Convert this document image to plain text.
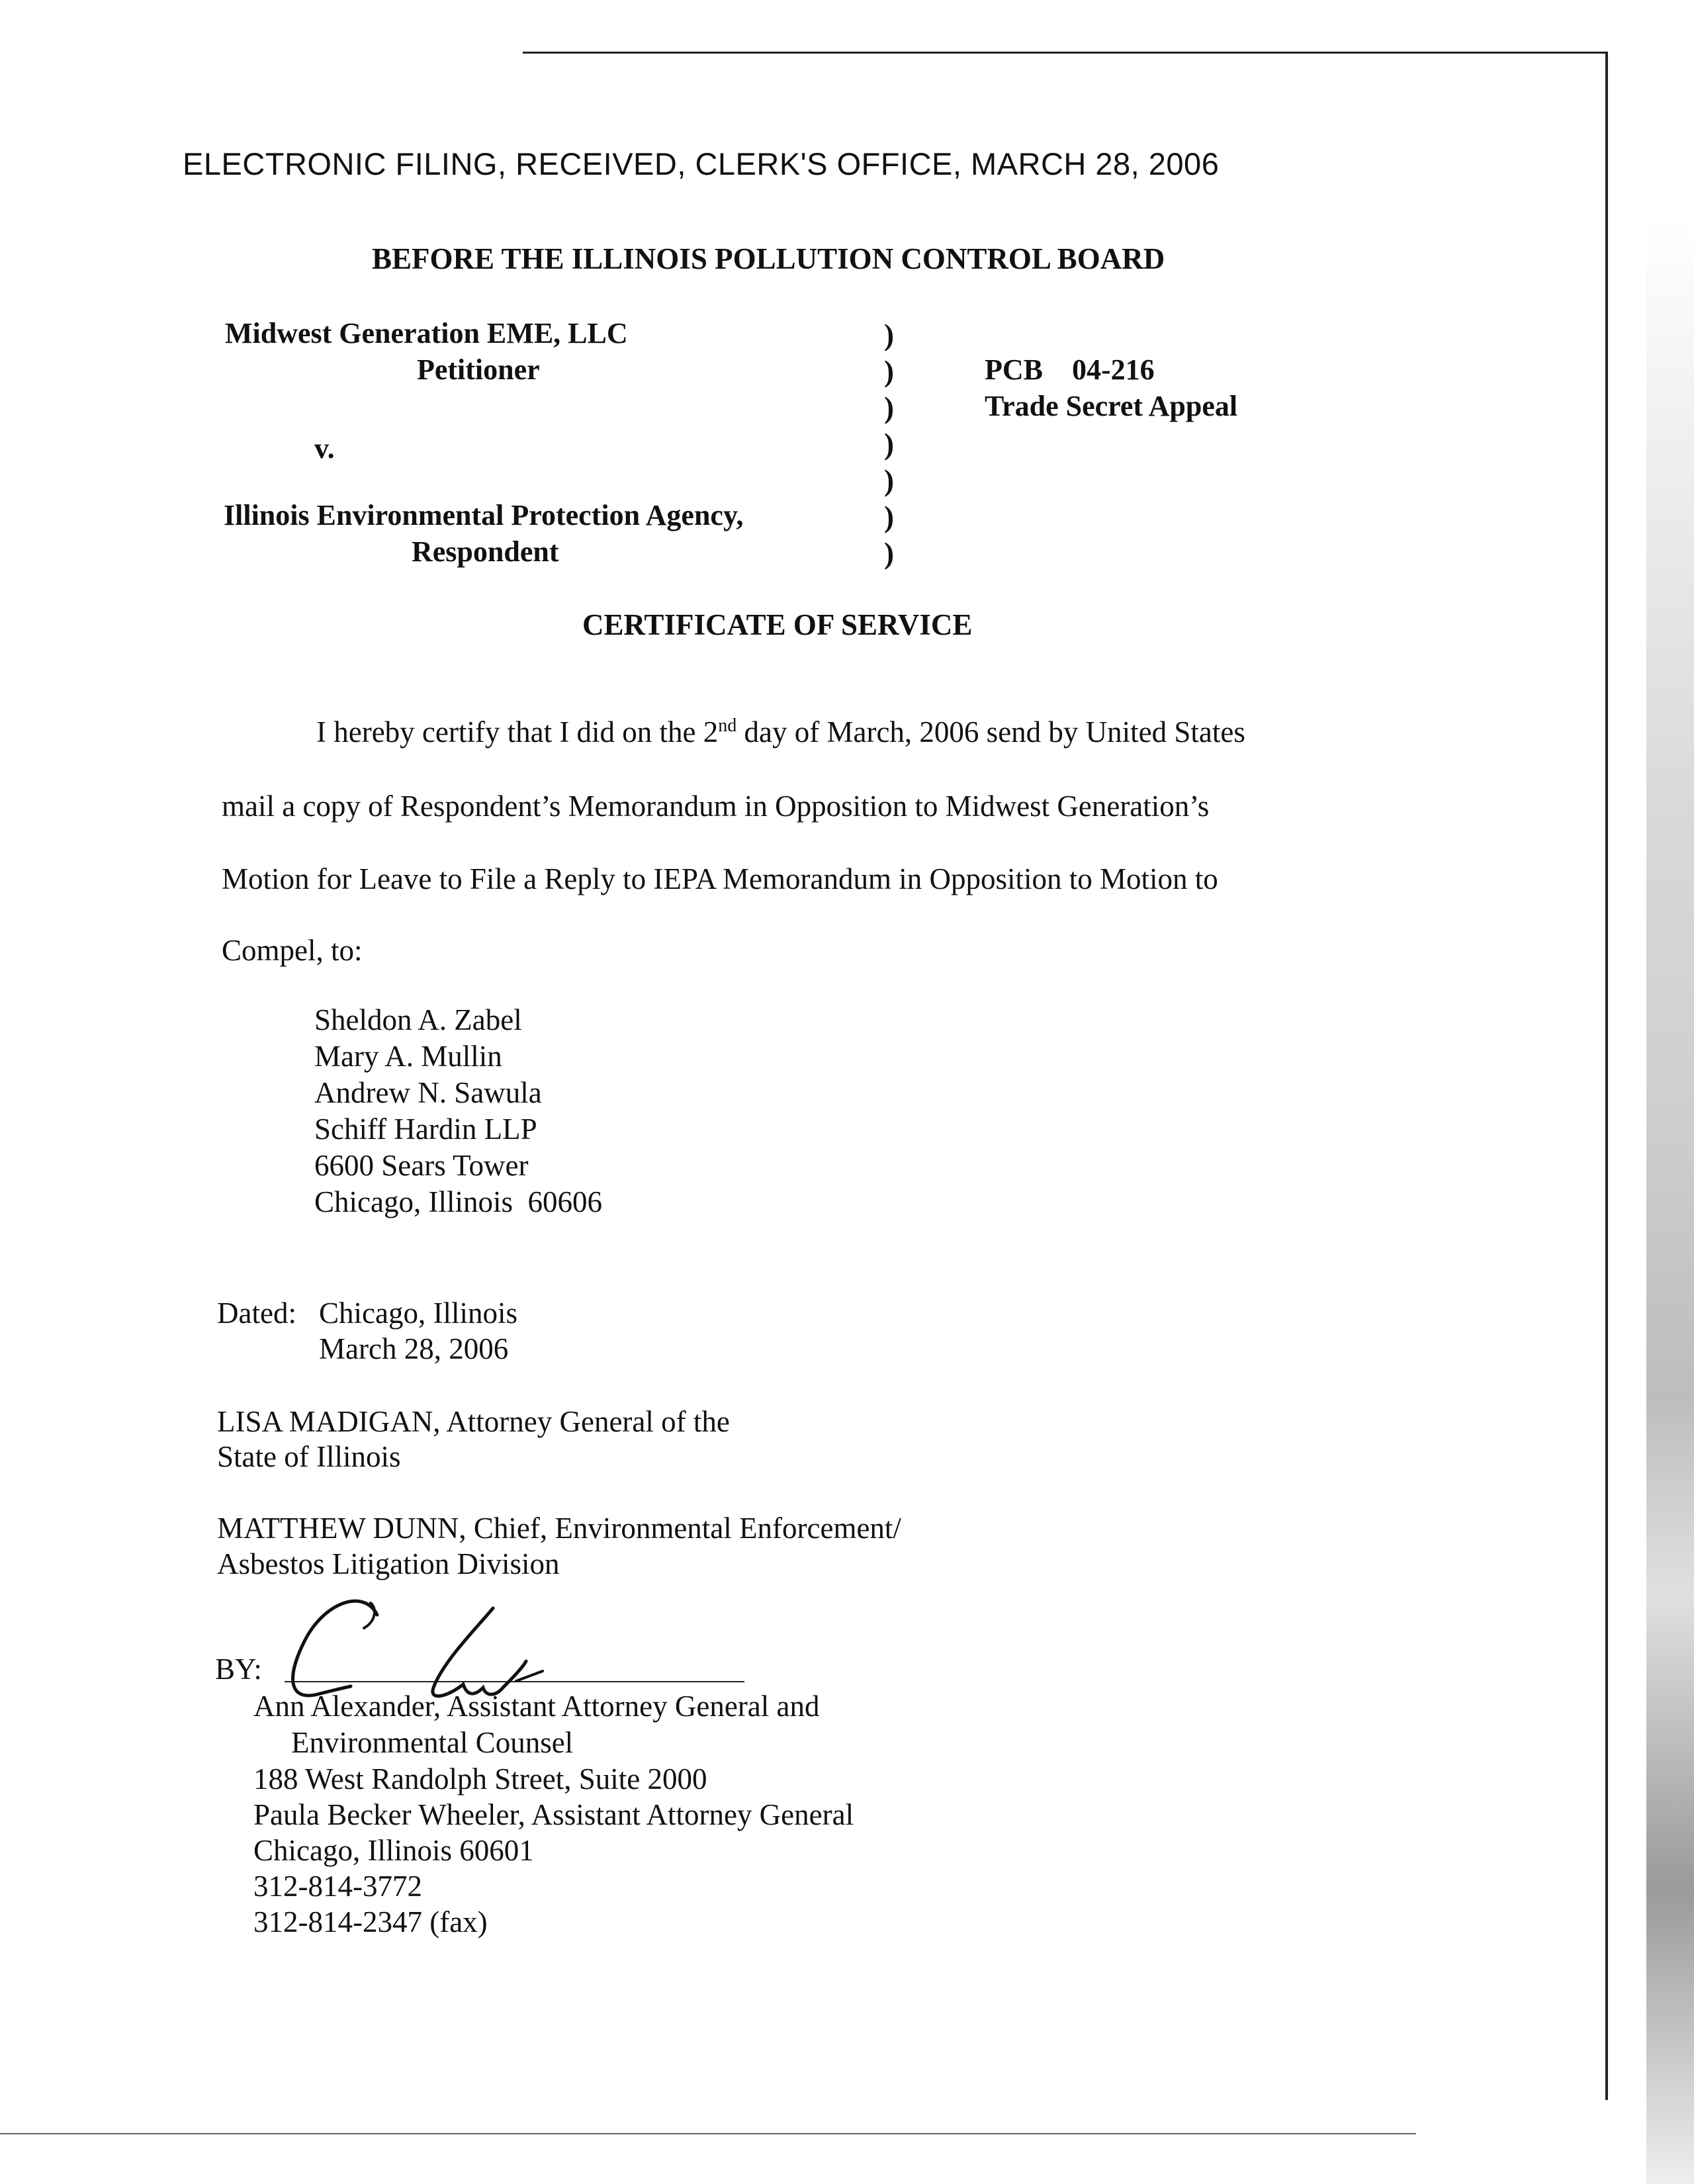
ELECTRONIC FILING, RECEIVED, CLERK'S OFFICE, MARCH 28, 2006
BEFORE THE ILLINOIS POLLUTION CONTROL BOARD
Midwest Generation EME, LLC
Petitioner
v.
Illinois Environmental Protection Agency,
Respondent
)
)
)
)
)
)
)
PCB    04-216
Trade Secret Appeal
CERTIFICATE OF SERVICE
I hereby certify that I did on the 2nd day of March, 2006 send by United States
mail a copy of Respondent’s Memorandum in Opposition to Midwest Generation’s
Motion for Leave to File a Reply to IEPA Memorandum in Opposition to Motion to
Compel, to:
Sheldon A. Zabel
Mary A. Mullin
Andrew N. Sawula
Schiff Hardin LLP
6600 Sears Tower
Chicago, Illinois  60606
Dated: Chicago, Illinois
March 28, 2006
LISA MADIGAN, Attorney General of the
State of Illinois
MATTHEW DUNN, Chief, Environmental Enforcement/
Asbestos Litigation Division
BY:
Ann Alexander, Assistant Attorney General and
Environmental Counsel
188 West Randolph Street, Suite 2000
Paula Becker Wheeler, Assistant Attorney General
Chicago, Illinois 60601
312-814-3772
312-814-2347 (fax)
